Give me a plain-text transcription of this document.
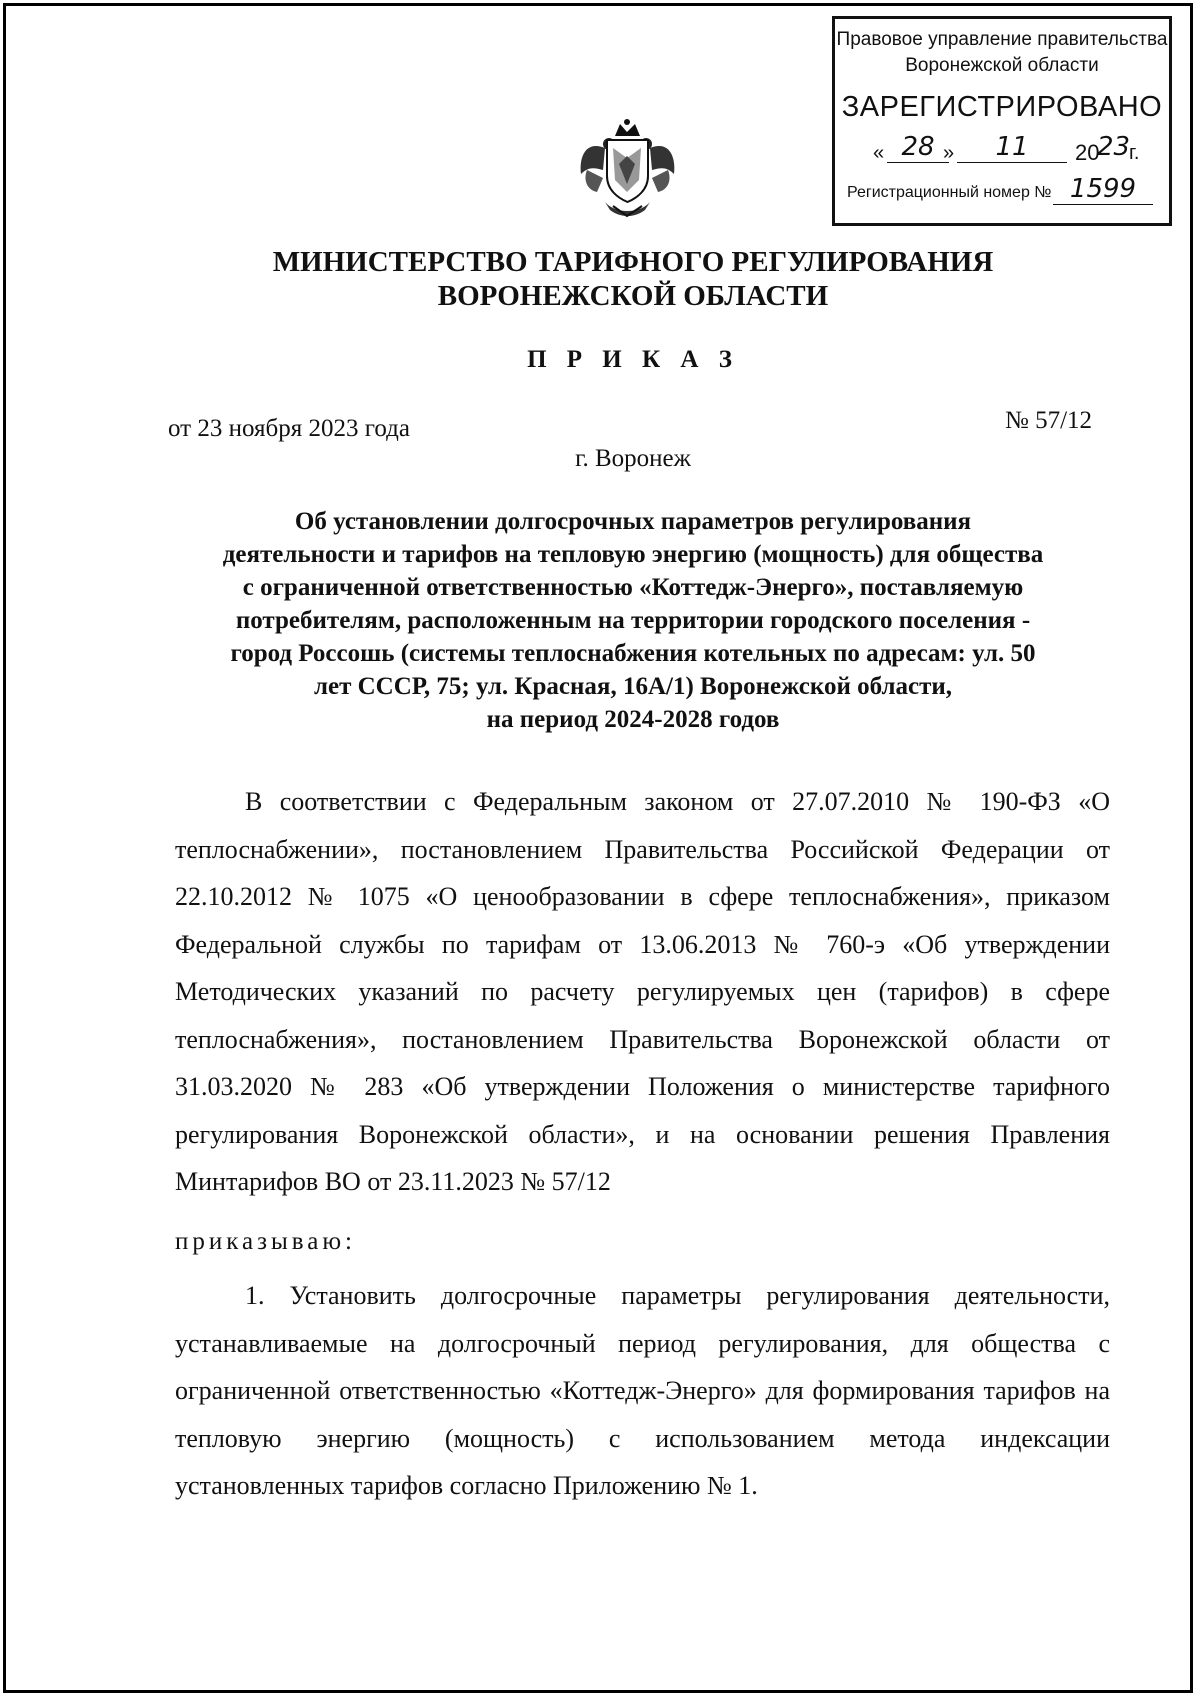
Правовое управление правительства
Воронежской области
ЗАРЕГИСТРИРОВАНО
« 28 »	11	20
23
г.
Регистрационный номер № 1599
МИНИСТЕРСТВО ТАРИФНОГО РЕГУЛИРОВАНИЯ
ВОРОНЕЖСКОЙ ОБЛАСТИ
П Р И К А З
от 23 ноября 2023 года	№ 57/12
г. Воронеж
Об установлении долгосрочных параметров регулирования
деятельности и тарифов на тепловую энергию (мощность) для общества
с ограниченной ответственностью «Коттедж-Энерго», поставляемую
потребителям, расположенным на территории городского поселения -
город Россошь (системы теплоснабжения котельных по адресам: ул. 50
лет СССР, 75; ул. Красная, 16А/1) Воронежской области,
на период 2024-2028 годов

В соответствии с Федеральным законом от 27.07.2010 № 190-ФЗ «О теплоснабжении», постановлением Правительства Российской Федерации от 22.10.2012 № 1075 «О ценообразовании в сфере теплоснабжения», приказом Федеральной службы по тарифам от 13.06.2013 № 760-э «Об утверждении Методических указаний по расчету регулируемых цен (тарифов) в сфере теплоснабжения», постановлением Правительства Воронежской области от 31.03.2020 № 283 «Об утверждении Положения о министерстве тарифного регулирования Воронежской области», и на основании решения Правления Минтарифов ВО от 23.11.2023 № 57/12

приказываю:

1. Установить долгосрочные параметры регулирования деятельности, устанавливаемые на долгосрочный период регулирования, для общества с ограниченной ответственностью «Коттедж-Энерго» для формирования тарифов на тепловую энергию (мощность) с использованием метода индексации установленных тарифов согласно Приложению № 1.
